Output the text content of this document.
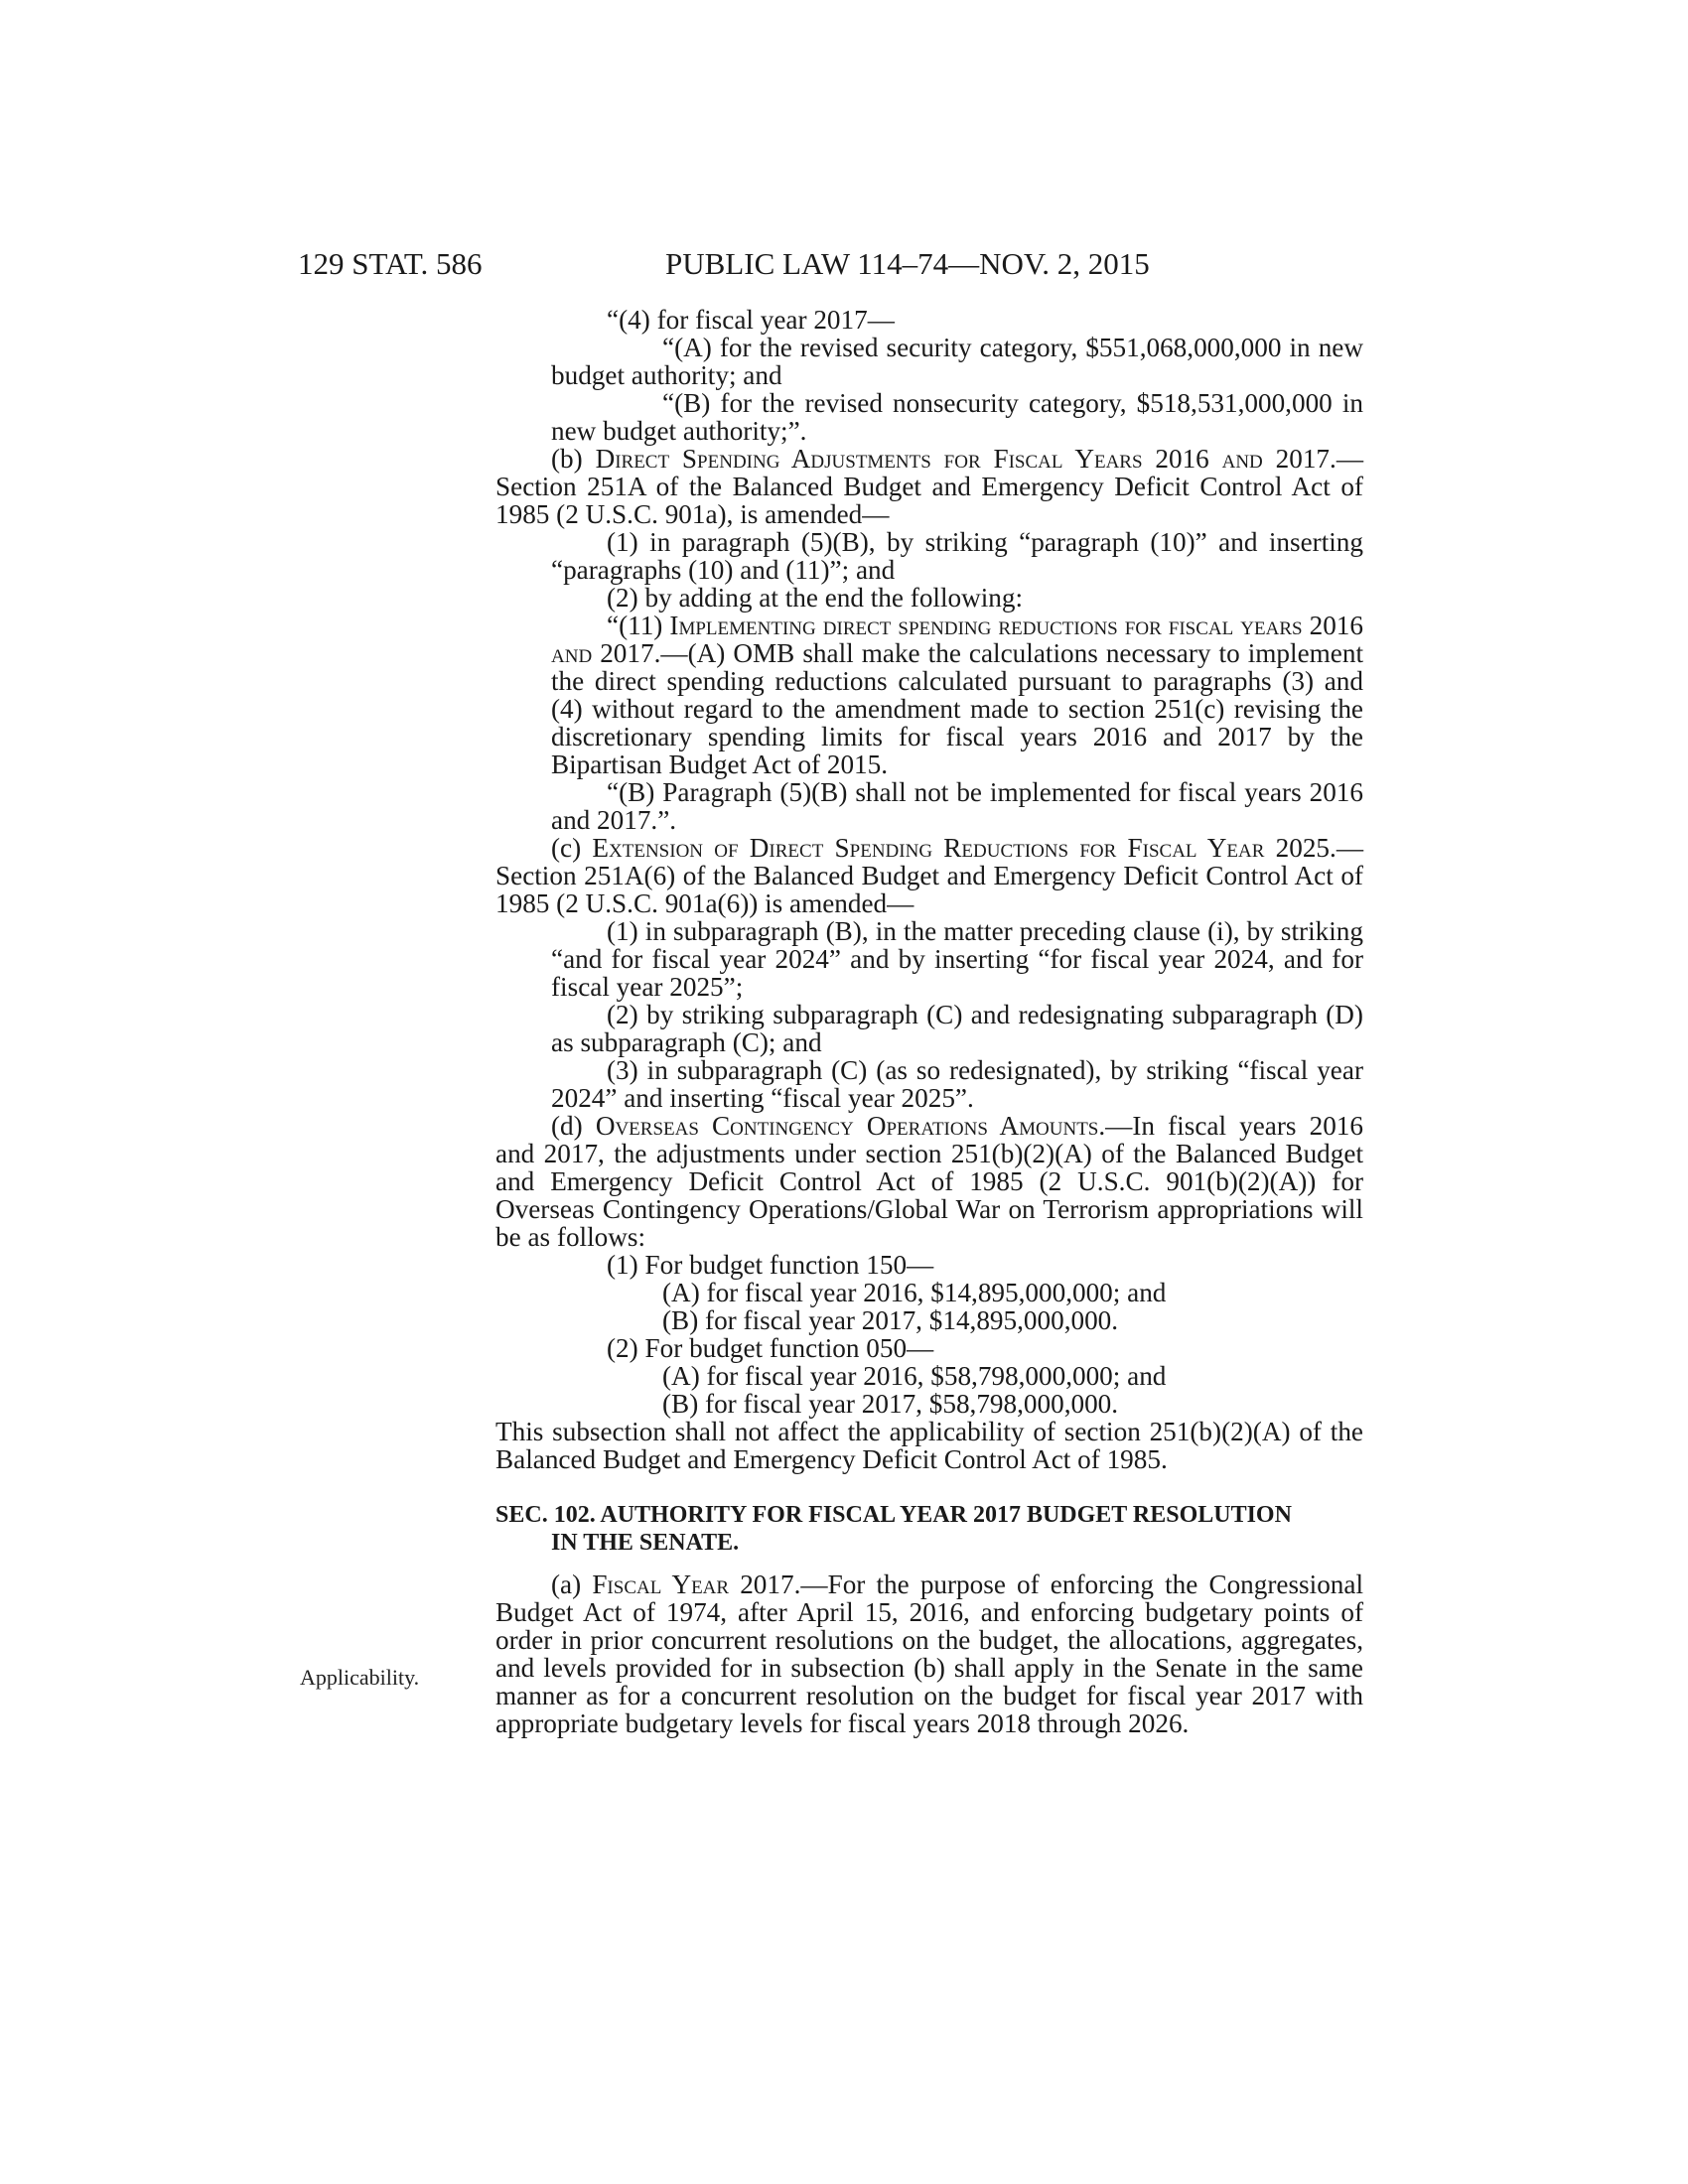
129 STAT. 586	PUBLIC LAW 114–74—NOV. 2, 2015
Applicability.

“(4) for fiscal year 2017—

“(A) for the revised security category, $551,068,000,000 in new budget authority; and

“(B) for the revised nonsecurity category, $518,531,000,000 in new budget authority;”.

(b) Direct Spending Adjustments for Fiscal Years 2016 and 2017.—Section 251A of the Balanced Budget and Emergency Deficit Control Act of 1985 (2 U.S.C. 901a), is amended—

(1) in paragraph (5)(B), by striking “paragraph (10)” and inserting “paragraphs (10) and (11)”; and

(2) by adding at the end the following:

“(11) Implementing direct spending reductions for fiscal years 2016 and 2017.—(A) OMB shall make the calculations necessary to implement the direct spending reductions calculated pursuant to paragraphs (3) and (4) without regard to the amendment made to section 251(c) revising the discretionary spending limits for fiscal years 2016 and 2017 by the Bipartisan Budget Act of 2015.

“(B) Paragraph (5)(B) shall not be implemented for fiscal years 2016 and 2017.”.

(c) Extension of Direct Spending Reductions for Fiscal Year 2025.—Section 251A(6) of the Balanced Budget and Emergency Deficit Control Act of 1985 (2 U.S.C. 901a(6)) is amended—

(1) in subparagraph (B), in the matter preceding clause (i), by striking “and for fiscal year 2024” and by inserting “for fiscal year 2024, and for fiscal year 2025”;

(2) by striking subparagraph (C) and redesignating subparagraph (D) as subparagraph (C); and

(3) in subparagraph (C) (as so redesignated), by striking “fiscal year 2024” and inserting “fiscal year 2025”.

(d) Overseas Contingency Operations Amounts.—In fiscal years 2016 and 2017, the adjustments under section 251(b)(2)(A) of the Balanced Budget and Emergency Deficit Control Act of 1985 (2 U.S.C. 901(b)(2)(A)) for Overseas Contingency Operations/Global War on Terrorism appropriations will be as follows:

(1) For budget function 150—

(A) for fiscal year 2016, $14,895,000,000; and

(B) for fiscal year 2017, $14,895,000,000.

(2) For budget function 050—

(A) for fiscal year 2016, $58,798,000,000; and

(B) for fiscal year 2017, $58,798,000,000.

This subsection shall not affect the applicability of section 251(b)(2)(A) of the Balanced Budget and Emergency Deficit Control Act of 1985.

SEC. 102. AUTHORITY FOR FISCAL YEAR 2017 BUDGET RESOLUTION
IN THE SENATE.

(a) Fiscal Year 2017.—For the purpose of enforcing the Congressional Budget Act of 1974, after April 15, 2016, and enforcing budgetary points of order in prior concurrent resolutions on the budget, the allocations, aggregates, and levels provided for in subsection (b) shall apply in the Senate in the same manner as for a concurrent resolution on the budget for fiscal year 2017 with appropriate budgetary levels for fiscal years 2018 through 2026.
